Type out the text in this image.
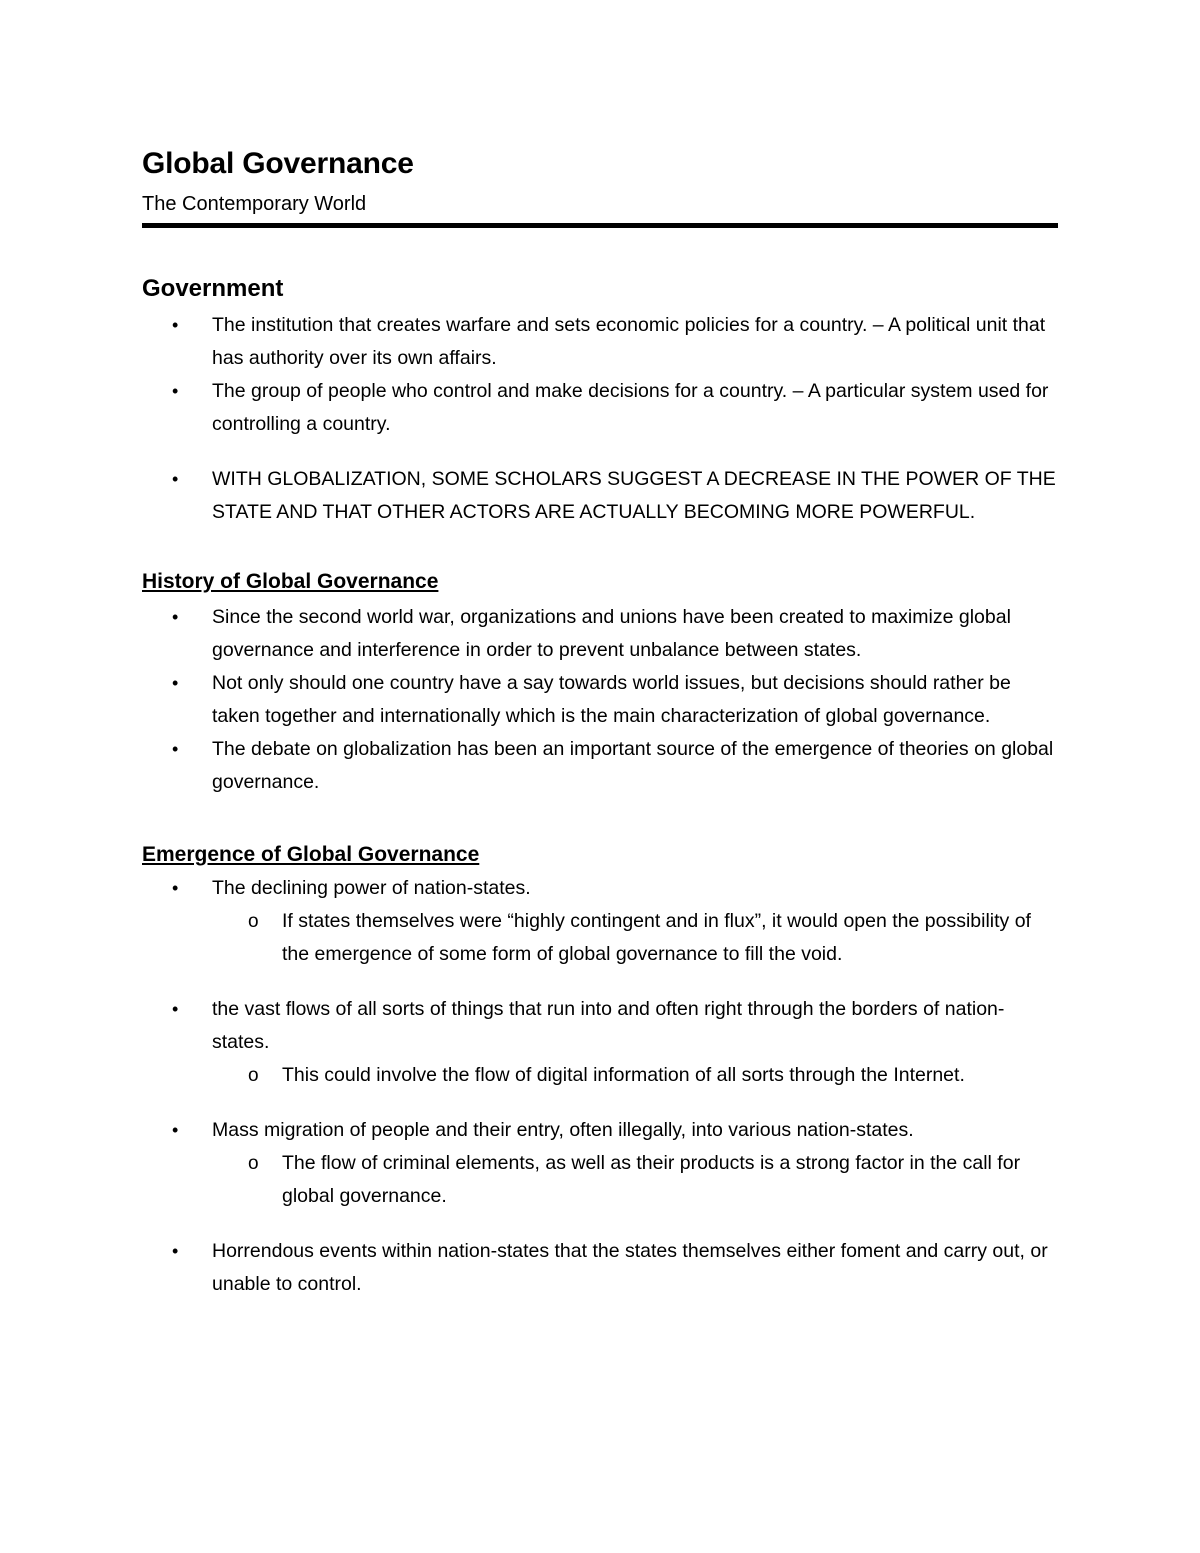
Global Governance

The Contemporary World

Government
• The institution that creates warfare and sets economic policies for a country. – A political unit that has authority over its own affairs.
• The group of people who control and make decisions for a country. – A particular system used for controlling a country.
• WITH GLOBALIZATION, SOME SCHOLARS SUGGEST A DECREASE IN THE POWER OF THE STATE AND THAT OTHER ACTORS ARE ACTUALLY BECOMING MORE POWERFUL.
History of Global Governance
• Since the second world war, organizations and unions have been created to maximize global governance and interference in order to prevent unbalance between states.
• Not only should one country have a say towards world issues, but decisions should rather be taken together and internationally which is the main characterization of global governance.
• The debate on globalization has been an important source of the emergence of theories on global governance.
Emergence of Global Governance
• The declining power of nation-states.
o If states themselves were “highly contingent and in flux”, it would open the possibility of the emergence of some form of global governance to fill the void.
• the vast flows of all sorts of things that run into and often right through the borders of nation-states.
o This could involve the flow of digital information of all sorts through the Internet.
• Mass migration of people and their entry, often illegally, into various nation-states.
o The flow of criminal elements, as well as their products is a strong factor in the call for global governance.
• Horrendous events within nation-states that the states themselves either foment and carry out, or unable to control.
